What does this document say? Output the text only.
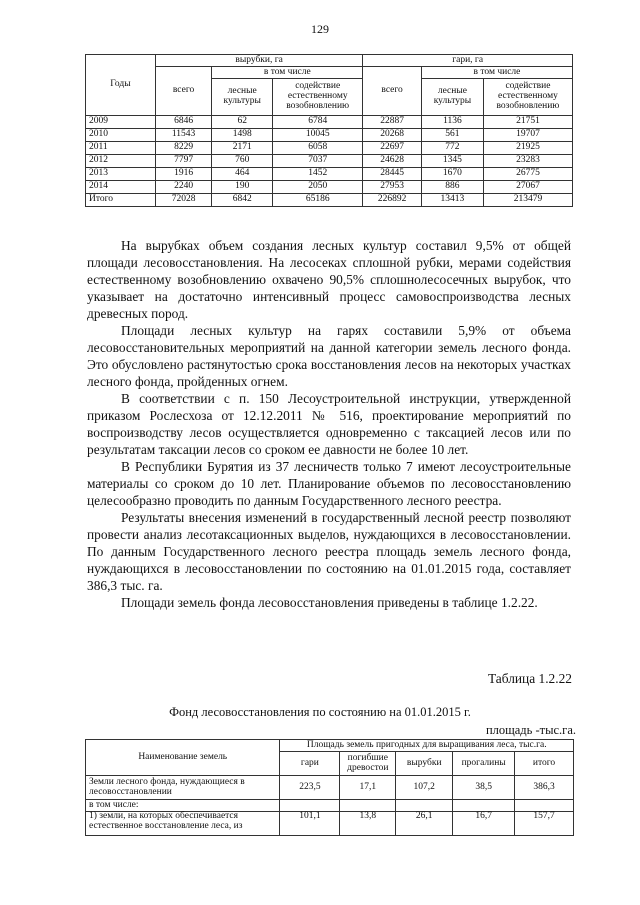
129
Годы	вырубки, га			гари, га		
	всего	в том числе		всего	в том числе	
		лесные культуры	содействие естественному возобновлению		лесные культуры	содействие естественному возобновлению
2009	6846	62	6784	22887	1136	21751
2010	11543	1498	10045	20268	561	19707
2011	8229	2171	6058	22697	772	21925
2012	7797	760	7037	24628	1345	23283
2013	1916	464	1452	28445	1670	26775
2014	2240	190	2050	27953	886	27067
Итого	72028	6842	65186	226892	13413	213479

На вырубках объем создания лесных культур составил 9,5% от общей площади лесовосстановления. На лесосеках сплошной рубки, мерами содействия естественному возобновлению охвачено 90,5% сплошнолесосечных вырубок, что указывает на достаточно интенсивный процесс самовоспроизводства лесных древесных пород.

Площади лесных культур на гарях составили 5,9% от объема лесовосстановительных мероприятий на данной категории земель лесного фонда. Это обусловлено растянутостью срока восстановления лесов на некоторых участках лесного фонда, пройденных огнем.

В соответствии с п. 150 Лесоустроительной инструкции, утвержденной приказом Рослесхоза от 12.12.2011 № 516, проектирование мероприятий по воспроизводству лесов осуществляется одновременно с таксацией лесов или по результатам таксации лесов со сроком ее давности не более 10 лет.

В Республики Бурятия из 37 лесничеств только 7 имеют лесоустроительные материалы со сроком до 10 лет. Планирование объемов по лесовосстановлению целесообразно проводить по данным Государственного лесного реестра.

Результаты внесения изменений в государственный лесной реестр позволяют провести анализ лесотаксационных выделов, нуждающихся в лесовосстановлении. По данным Государственного лесного реестра площадь земель лесного фонда, нуждающихся в лесовосстановлении по состоянию на 01.01.2015 года, составляет 386,3 тыс. га.

Площади земель фонда лесовосстановления приведены в таблице 1.2.22.

Таблица 1.2.22
Фонд лесовосстановления по состоянию на 01.01.2015 г.
площадь -тыс.га.
Наименование земель	Площадь земель пригодных для выращивания леса, тыс.га.				
	гари	погибшие древостои	вырубки	прогалины	итого
Земли лесного фонда, нуждающиеся в лесовосстановлении	223,5	17,1	107,2	38,5	386,3
в том числе:					
1) земли, на которых обеспечивается естественное восстановление леса, из	101,1	13,8	26,1	16,7	157,7
